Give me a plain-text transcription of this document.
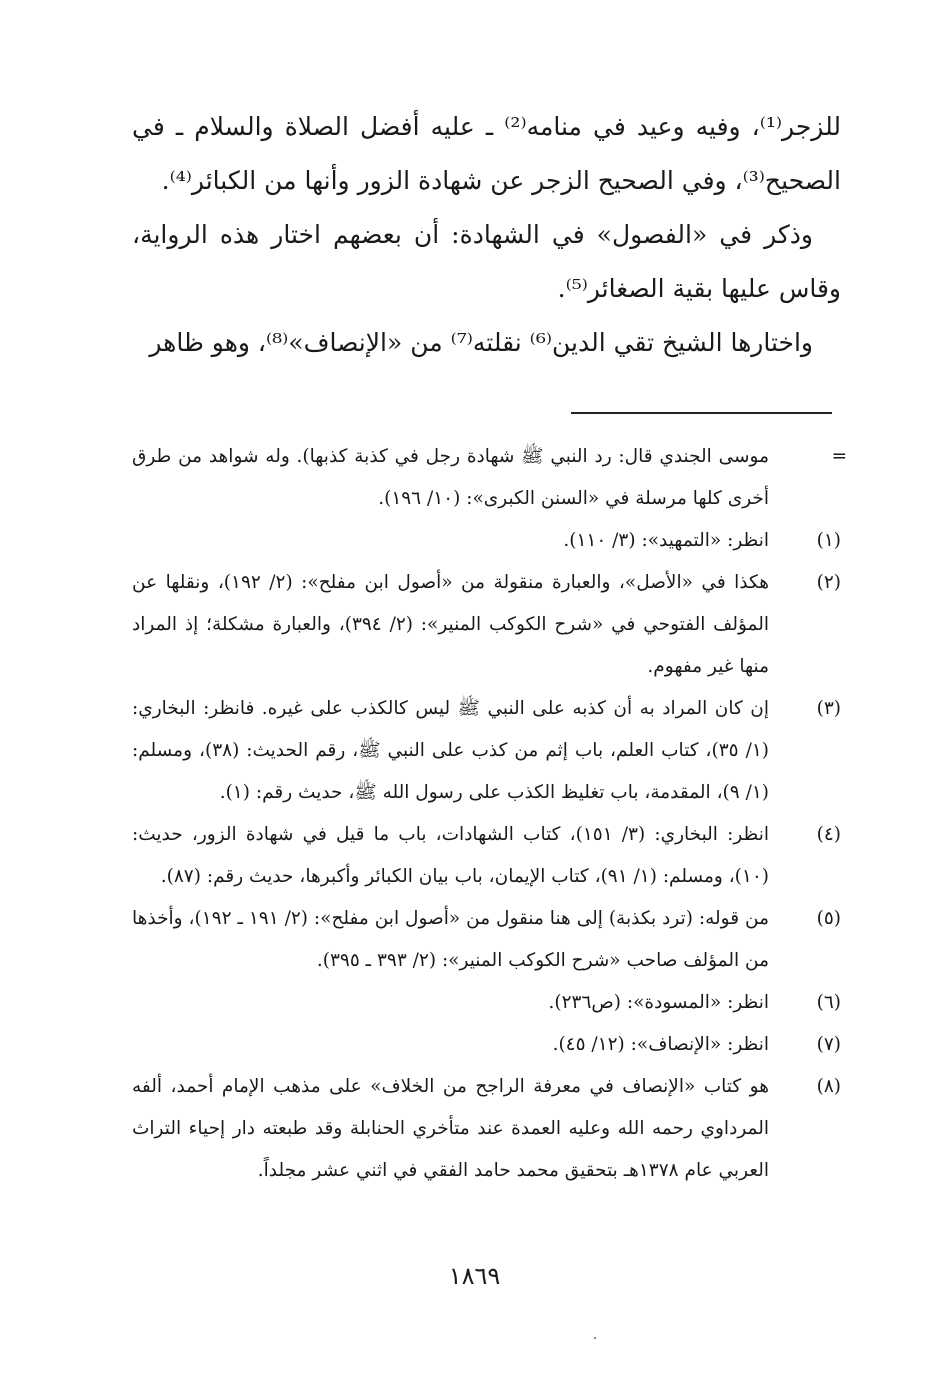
للزجر⁽¹⁾، وفيه وعيد في منامه⁽²⁾ ـ عليه أفضل الصلاة والسلام ـ في الصحيح⁽³⁾، وفي الصحيح الزجر عن شهادة الزور وأنها من الكبائر⁽⁴⁾.

وذكر في «الفصول» في الشهادة: أن بعضهم اختار هذه الرواية، وقاس عليها بقية الصغائر⁽⁵⁾.

واختارها الشيخ تقي الدين⁽⁶⁾ نقلته⁽⁷⁾ من «الإنصاف»⁽⁸⁾، وهو ظاهر

=
موسى الجندي قال: رد النبي ﷺ شهادة رجل في كذبة كذبها). وله شواهد من طرق أخرى كلها مرسلة في «السنن الكبرى»: (١٠/ ١٩٦).
(١)
انظر: «التمهيد»: (٣/ ١١٠).
(٢)
هكذا في «الأصل»، والعبارة منقولة من «أصول ابن مفلح»: (٢/ ١٩٢)، ونقلها عن المؤلف الفتوحي في «شرح الكوكب المنير»: (٢/ ٣٩٤)، والعبارة مشكلة؛ إذ المراد منها غير مفهوم.
(٣)
إن كان المراد به أن كذبه على النبي ﷺ ليس كالكذب على غيره. فانظر: البخاري: (١/ ٣٥)، كتاب العلم، باب إثم من كذب على النبي ﷺ، رقم الحديث: (٣٨)، ومسلم: (١/ ٩)، المقدمة، باب تغليظ الكذب على رسول الله ﷺ، حديث رقم: (١).
(٤)
انظر: البخاري: (٣/ ١٥١)، كتاب الشهادات، باب ما قيل في شهادة الزور، حديث: (١٠)، ومسلم: (١/ ٩١)، كتاب الإيمان، باب بيان الكبائر وأكبرها، حديث رقم: (٨٧).
(٥)
من قوله: (ترد بكذبة) إلى هنا منقول من «أصول ابن مفلح»: (٢/ ١٩١ ـ ١٩٢)، وأخذها من المؤلف صاحب «شرح الكوكب المنير»: (٢/ ٣٩٣ ـ ٣٩٥).
(٦)
انظر: «المسودة»: (ص٢٣٦).
(٧)
انظر: «الإنصاف»: (١٢/ ٤٥).
(٨)
هو كتاب «الإنصاف في معرفة الراجح من الخلاف» على مذهب الإمام أحمد، ألفه المرداوي رحمه الله وعليه العمدة عند متأخري الحنابلة وقد طبعته دار إحياء التراث العربي عام ١٣٧٨هـ بتحقيق محمد حامد الفقي في اثني عشر مجلداً.
١٨٦٩
